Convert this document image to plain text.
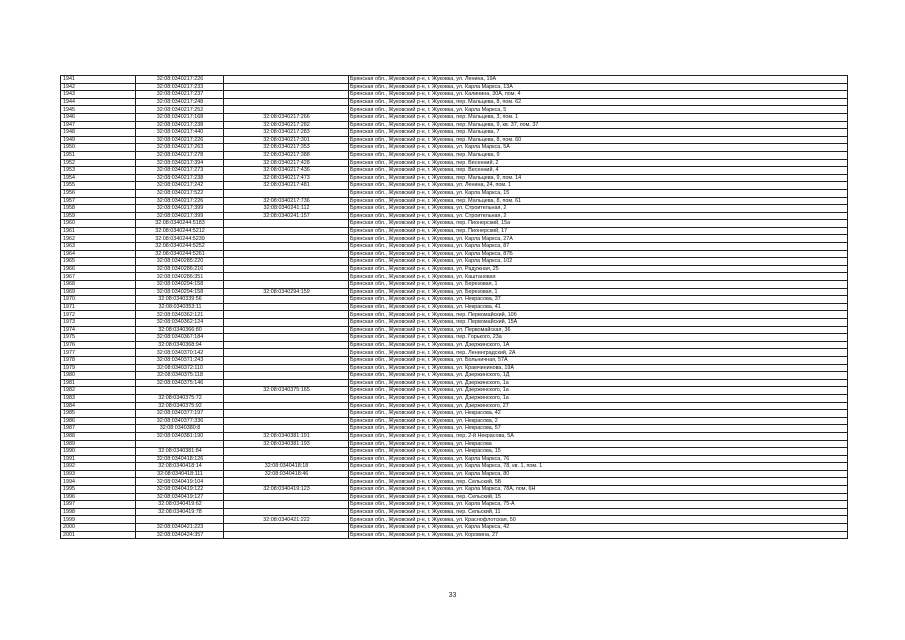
1941	32:08:0340217:226		Брянская обл., Жуковский р-н, г. Жуковка, ул. Ленина, 19А
1942	32:08:0340217:233		Брянская обл., Жуковский р-н, г. Жуковка, ул. Карла Маркса, 13А
1943	32:08:0340217:237		Брянская обл., Жуковский р-н, г. Жуковка, ул. Калинина, 30А, пом. 4
1944	32:08:0340217:248		Брянская обл., Жуковский р-н, г. Жуковка, пер. Мальцева, 8, пом. 62
1945	32:08:0340217:252		Брянская обл., Жуковский р-н, г. Жуковка, ул. Карла Маркса, 5
1946	32:08:0340217:168	32:08:0340217:266	Брянская обл., Жуковский р-н, г. Жуковка, пер. Мальцева, 3, пом. 1
1947	32:08:0340217:238	32:08:0340217:282	Брянская обл., Жуковский р-н, г. Жуковка, пер. Мальцева, 9, кв. 37, пом. 37
1948	32:08:0340217:440	32:08:0340217:283	Брянская обл., Жуковский р-н, г. Жуковка, пер. Мальцева, 7
1949	32:08:0340217:226	32:08:0340217:301	Брянская обл., Жуковский р-н, г. Жуковка, пер. Мальцева, 8, пом. 60
1950	32:08:0340217:263	32:08:0340217:353	Брянская обл., Жуковский р-н, г. Жуковка, ул. Карла Маркса, 5А
1951	32:08:0340217:278	32:08:0340217:388	Брянская обл., Жуковский р-н, г. Жуковка, пер. Мальцева, 9
1952	32:08:0340217:394	32:08:0340217:428	Брянская обл., Жуковский р-н, г. Жуковка, пер. Весенний, 2
1953	32:08:0340217:273	32:08:0340217:436	Брянская обл., Жуковский р-н, г. Жуковка, пер. Весенний, 4
1954	32:08:0340217:238	32:08:0340217:473	Брянская обл., Жуковский р-н, г. Жуковка, пер. Мальцева, 9, пом. 14
1955	32:08:0340217:242	32:08:0340217:481	Брянская обл., Жуковский р-н, г. Жуковка, ул. Ленина, 24, пом. 1
1956	32:08:0340217:522		Брянская обл., Жуковский р-н, г. Жуковка, ул. Карла Маркса, 15
1957	32:08:0340217:226	32:08:0340217:736	Брянская обл., Жуковский р-н, г. Жуковка, пер. Мальцева, 8, пом. 61
1958	32:08:0340217:399	32:08:0340241:112	Брянская обл., Жуковский р-н, г. Жуковка, ул. Строительная, 2
1959	32:08:0340217:399	32:08:0340241:157	Брянская обл., Жуковский р-н, г. Жуковка, ул. Строительная, 2
1960	32:08:0340244:5183		Брянская обл., Жуковский р-н, г. Жуковка, пер. Пионерский, 15а
1961	32:08:0340244:5212		Брянская обл., Жуковский р-н, г. Жуковка, пер. Пионерский, 17
1962	32:08:0340244:5239		Брянская обл., Жуковский р-н, г. Жуковка, ул. Карла Маркса, 27А
1963	32:08:0340244:5252		Брянская обл., Жуковский р-н, г. Жуковка, ул. Карла Маркса, 87
1964	32:08:0340244:5261		Брянская обл., Жуковский р-н, г. Жуковка, ул. Карла Маркса, 87Б
1965	32:08:0340285:220		Брянская обл., Жуковский р-н, г. Жуковка, ул. Карла Маркса, 102
1966	32:08:0340286:216		Брянская обл., Жуковский р-н, г. Жуковка, ул. Радужная, 25
1967	32:08:0340286:351		Брянская обл., Жуковский р-н, г. Жуковка, ул. Каштановая
1968	32:08:0340294:158		Брянская обл., Жуковский р-н, г. Жуковка, ул. Березовая, 1
1969	32:08:0340294:158	32:08:0340294:159	Брянская обл., Жуковский р-н, г. Жуковка, ул. Березовая, 1
1970	32:08:0340339:56		Брянская обл., Жуковский р-н, г. Жуковка, ул. Некрасова, 37
1971	32:08:0340353:11		Брянская обл., Жуковский р-н, г. Жуковка, ул. Некрасова, 41
1972	32:08:0340362:121		Брянская обл., Жуковский р-н, г. Жуковка, пер. Первомайский, 10б
1973	32:08:0340362:124		Брянская обл., Жуковский р-н, г. Жуковка, пер. Первомайский, 15А
1974	32:08:0340366:80		Брянская обл., Жуковский р-н, г. Жуковка, ул. Первомайская, 36
1975	32:08:0340367:184		Брянская обл., Жуковский р-н, г. Жуковка, пер. Горького, 23а
1976	32:08:0340368:94		Брянская обл., Жуковский р-н, г. Жуковка, ул. Дзержинского, 1А
1977	32:08:0340370:142		Брянская обл., Жуковский р-н, г. Жуковка, пер. Ленинградский, 2А
1978	32:08:0340371:243		Брянская обл., Жуковский р-н, г. Жуковка, ул. Больничная, 57А
1979	32:08:0340372:110		Брянская обл., Жуковский р-н, г. Жуковка, ул. Крамчининова, 19А
1980	32:08:0340375:118		Брянская обл., Жуковский р-н, г. Жуковка, ул. Дзержинского, 1Д
1981	32:08:0340375:146		Брянская обл., Жуковский р-н, г. Жуковка, ул. Дзержинского, 1а
1982		32:08:0340375:165	Брянская обл., Жуковский р-н, г. Жуковка, ул. Дзержинского, 1а
1983	32:08:0340375:72		Брянская обл., Жуковский р-н, г. Жуковка, ул. Дзержинского, 1а
1984	32:08:0340375:92		Брянская обл., Жуковский р-н, г. Жуковка, ул. Дзержинского, 27
1985	32:08:0340377:197		Брянская обл., Жуковский р-н, г. Жуковка, ул. Некрасова, 42
1986	32:08:0340377:336		Брянская обл., Жуковский р-н, г. Жуковка, ул. Некрасова, 2
1987	32:08:0340380:8		Брянская обл., Жуковский р-н, г. Жуковка, ул. Некрасова, 57
1988	32:08:0340381:190	32:08:0340381:191	Брянская обл., Жуковский р-н, г. Жуковка, пер. 2-й Некрасова, 5А
1989		32:08:0340381:193	Брянская обл., Жуковский р-н, г. Жуковка, ул. Некрасова
1990	32:08:0340381:84		Брянская обл., Жуковский р-н, г. Жуковка, ул. Некрасова, 15
1991	32:08:0340418:126		Брянская обл., Жуковский р-н, г. Жуковка, ул. Карла Маркса, 76
1992	32:08:0340418:14	32:08:0340418:18	Брянская обл., Жуковский р-н, г. Жуковка, ул. Карла Маркса, 78, кв. 1, пом. 1
1993	32:08:0340418:111	32:08:0340418:46	Брянская обл., Жуковский р-н, г. Жуковка, ул. Карла Маркса, 80
1994	32:08:0340419:104		Брянская обл., Жуковский р-н, г. Жуковка, пер. Сельский, 5Б
1995	32:08:0340419:122	32:08:0340419:123	Брянская обл., Жуковский р-н, г. Жуковка, ул. Карла Маркса, 78А, пом. 6Н
1996	32:08:0340419:127		Брянская обл., Жуковский р-н, г. Жуковка, пер. Сельский, 15
1997	32:08:0340419:62		Брянская обл., Жуковский р-н, г. Жуковка, ул. Карла Маркса, 75-А
1998	32:08:0340419:78		Брянская обл., Жуковский р-н, г. Жуковка, пер. Сельский, 11
1999		32:08:0340421:222	Брянская обл., Жуковский р-н, г. Жуковка, ул. Краснофлотская, 50
2000	32:08:0340421:223		Брянская обл., Жуковский р-н, г. Жуковка, ул. Карла Маркса, 42
2001	32:08:0340424:357		Брянская обл., Жуковский р-н, г. Жуковка, ул. Коровина, 27
33
